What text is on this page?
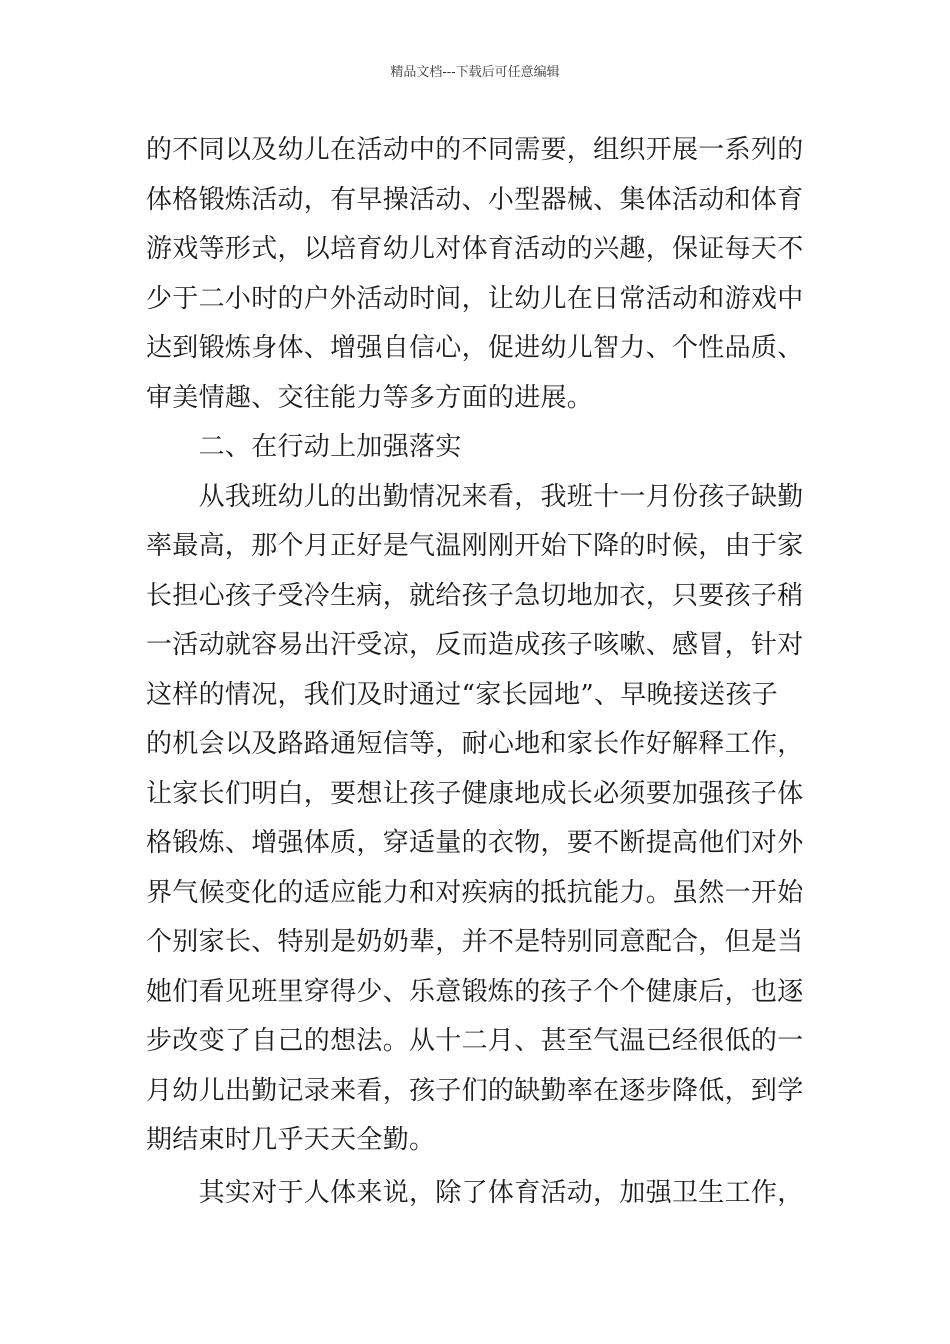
精品文档---下载后可任意编辑
的不同以及幼儿在活动中的不同需要，组织开展一系列的
体格锻炼活动，有早操活动、小型器械、集体活动和体育
游戏等形式，以培育幼儿对体育活动的兴趣，保证每天不
少于二小时的户外活动时间，让幼儿在日常活动和游戏中
达到锻炼身体、增强自信心，促进幼儿智力、个性品质、
审美情趣、交往能力等多方面的进展。
　　二、在行动上加强落实
　　从我班幼儿的出勤情况来看，我班十一月份孩子缺勤
率最高，那个月正好是气温刚刚开始下降的时候，由于家
长担心孩子受冷生病，就给孩子急切地加衣，只要孩子稍
一活动就容易出汗受凉，反而造成孩子咳嗽、感冒，针对
这样的情况，我们及时通过“家长园地”、早晚接送孩子
的机会以及路路通短信等，耐心地和家长作好解释工作，
让家长们明白，要想让孩子健康地成长必须要加强孩子体
格锻炼、增强体质，穿适量的衣物，要不断提高他们对外
界气候变化的适应能力和对疾病的抵抗能力。虽然一开始
个别家长、特别是奶奶辈，并不是特别同意配合，但是当
她们看见班里穿得少、乐意锻炼的孩子个个健康后，也逐
步改变了自己的想法。从十二月、甚至气温已经很低的一
月幼儿出勤记录来看，孩子们的缺勤率在逐步降低，到学
期结束时几乎天天全勤。
　　其实对于人体来说，除了体育活动，加强卫生工作，
